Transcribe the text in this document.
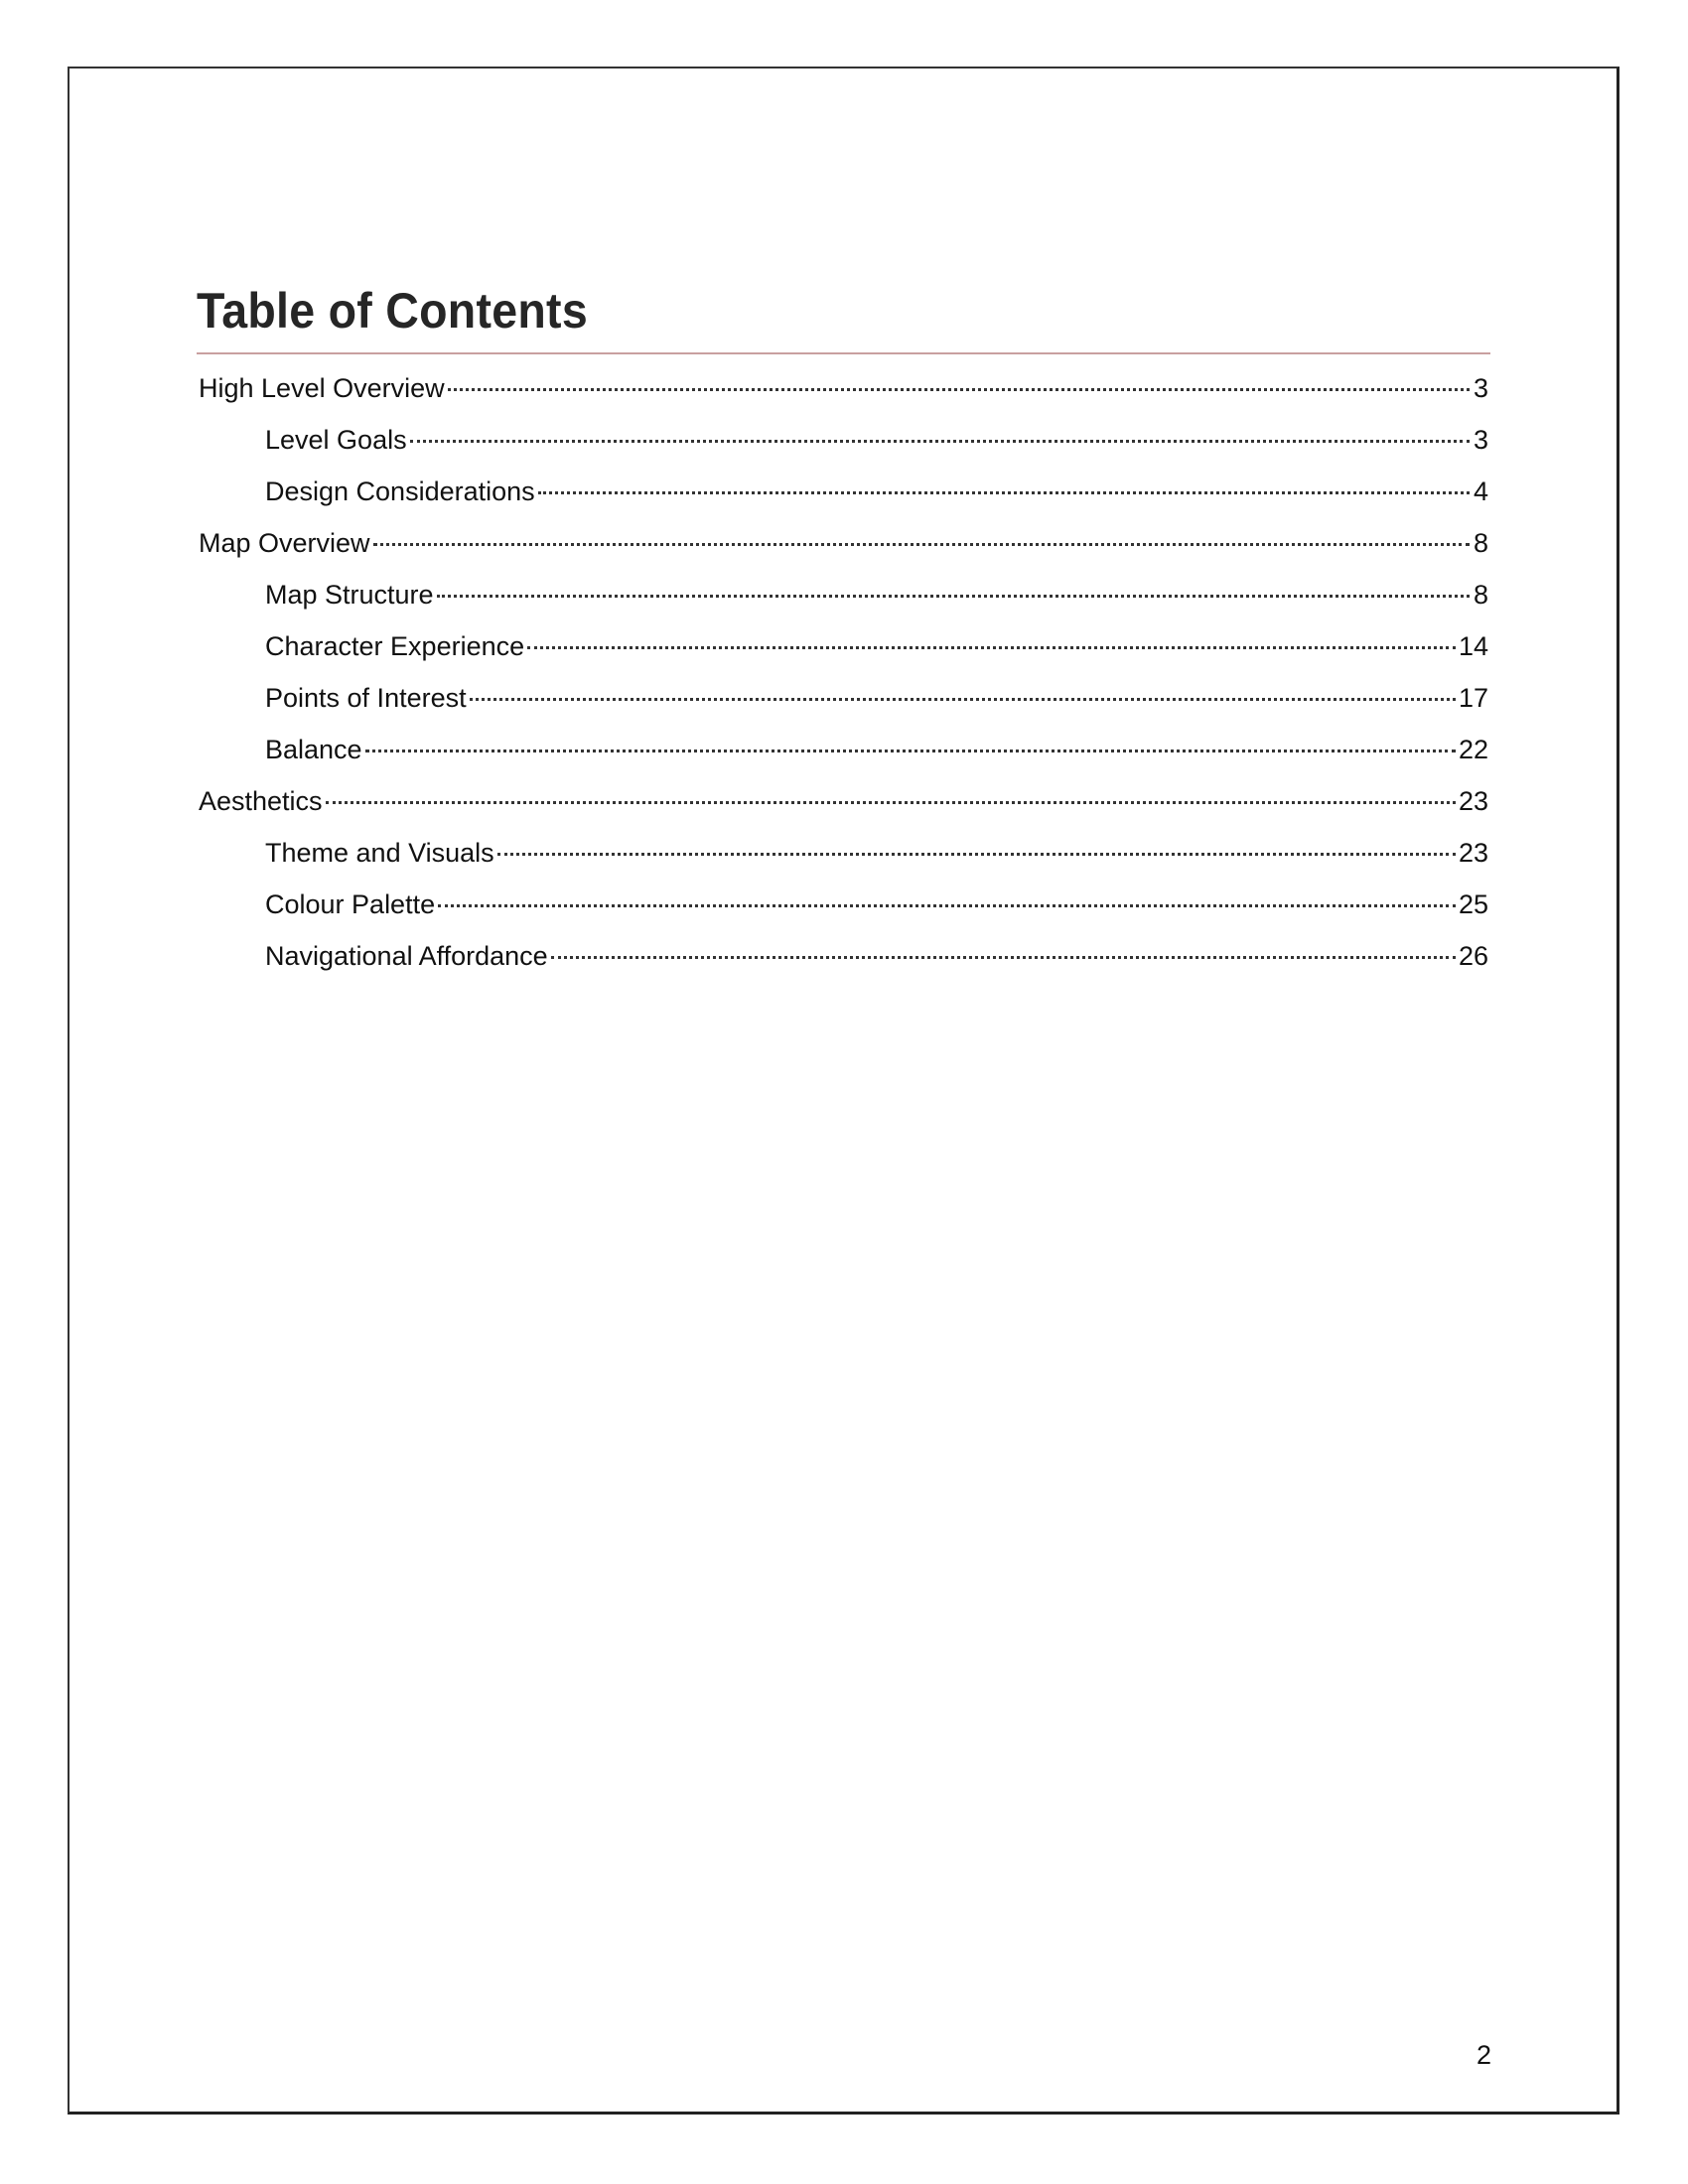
Table of Contents
High Level Overview	3
Level Goals	3
Design Considerations	4
Map Overview	8
Map Structure	8
Character Experience	14
Points of Interest	17
Balance	22
Aesthetics	23
Theme and Visuals	23
Colour Palette	25
Navigational Affordance	26
2
